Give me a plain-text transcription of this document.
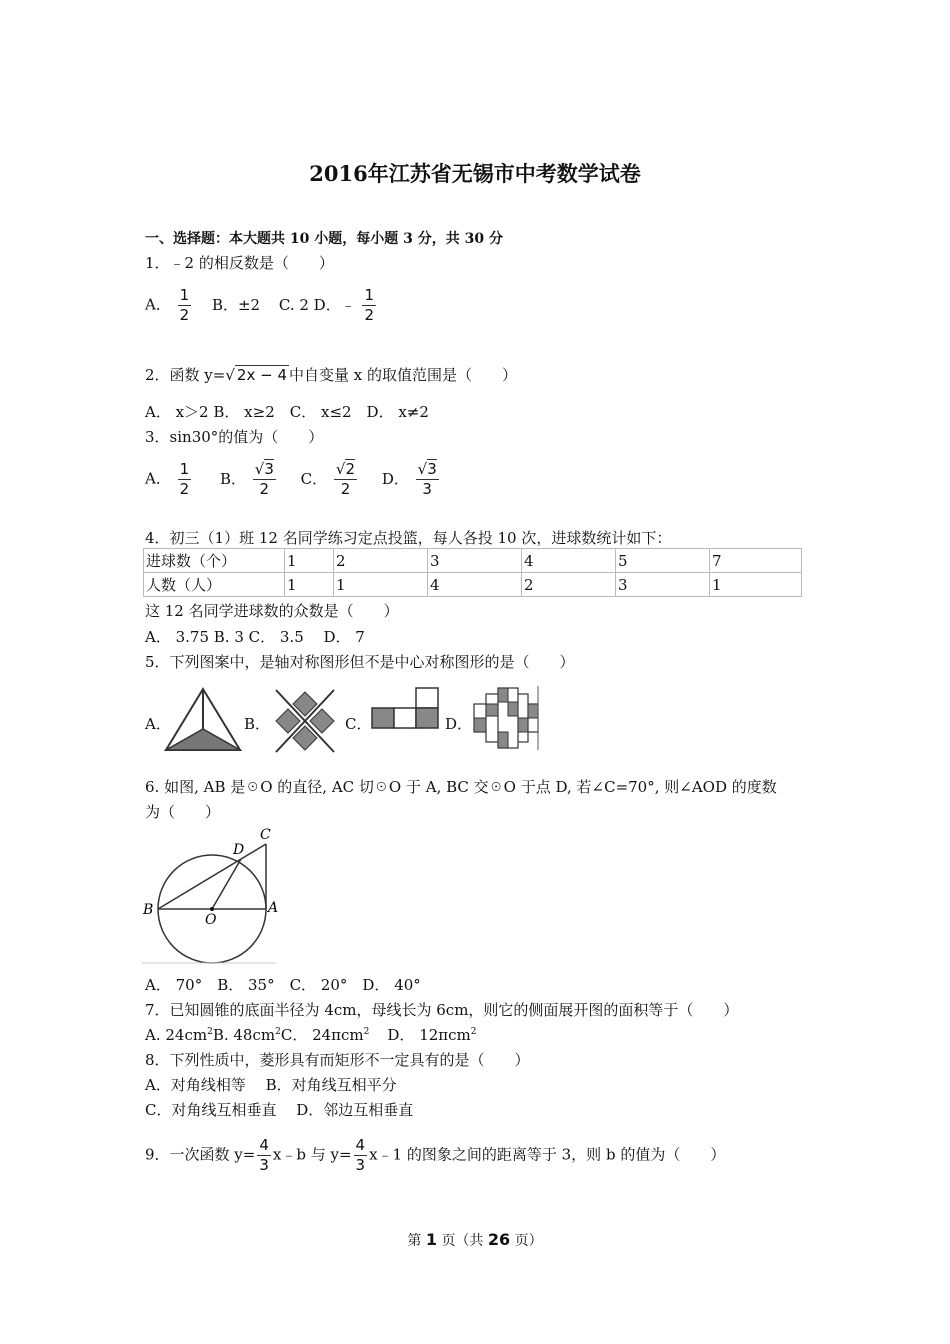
2016年江苏省无锡市中考数学试卷
一、选择题：本大题共 10 小题，每小题 3 分，共 30 分
1．﹣2 的相反数是（　　）
A． $\frac{1}{2}$ B．±2 C. 2 D．﹣ $\frac{1}{2}$
2．函数 y=√ 2x − 4 中自变量 x 的取值范围是（　　）
A． x＞2 B． x≥2　C． x≤2　D． x≠2
3．sin30°的值为（　　）
A． $\frac{1}{2}$ B． $\frac{√3}{2}$ C． $\frac{√2}{2}$ D． $\frac{√3}{3}$
4．初三（1）班 12 名同学练习定点投篮，每人各投 10 次，进球数统计如下：
进球数（个）	1	2	3	4	5	7
人数（人）	1	1	4	2	3	1
这 12 名同学进球数的众数是（　　）
A． 3.75 B. 3 C． 3.5　 D． 7
5．下列图案中，是轴对称图形但不是中心对称图形的是（　　）
A．	B．	C．	D．
6. 如图, AB 是☉O 的直径, AC 切☉O 于 A, BC 交☉O 于点 D, 若∠C=70°, 则∠AOD 的度数
为（　　）
B
O
A
D
C
A． 70°　B． 35°　C． 20°　D． 40°
7．已知圆锥的底面半径为 4cm，母线长为 6cm，则它的侧面展开图的面积等于（　　）
A. $24cm^2B$. $48cm^2C$． 24πcm$^2$ D． 12πcm$^2$
8．下列性质中，菱形具有而矩形不一定具有的是（　　）
A．对角线相等　 B．对角线互相平分
C．对角线互相垂直　 D．邻边互相垂直
9．一次函数 $y= \frac{4}{3}$ x﹣b 与 $y= \frac{4}{3}$ x﹣1 的图象之间的距离等于 3，则 b 的值为（　　）
第 1 页（共 26 页）
